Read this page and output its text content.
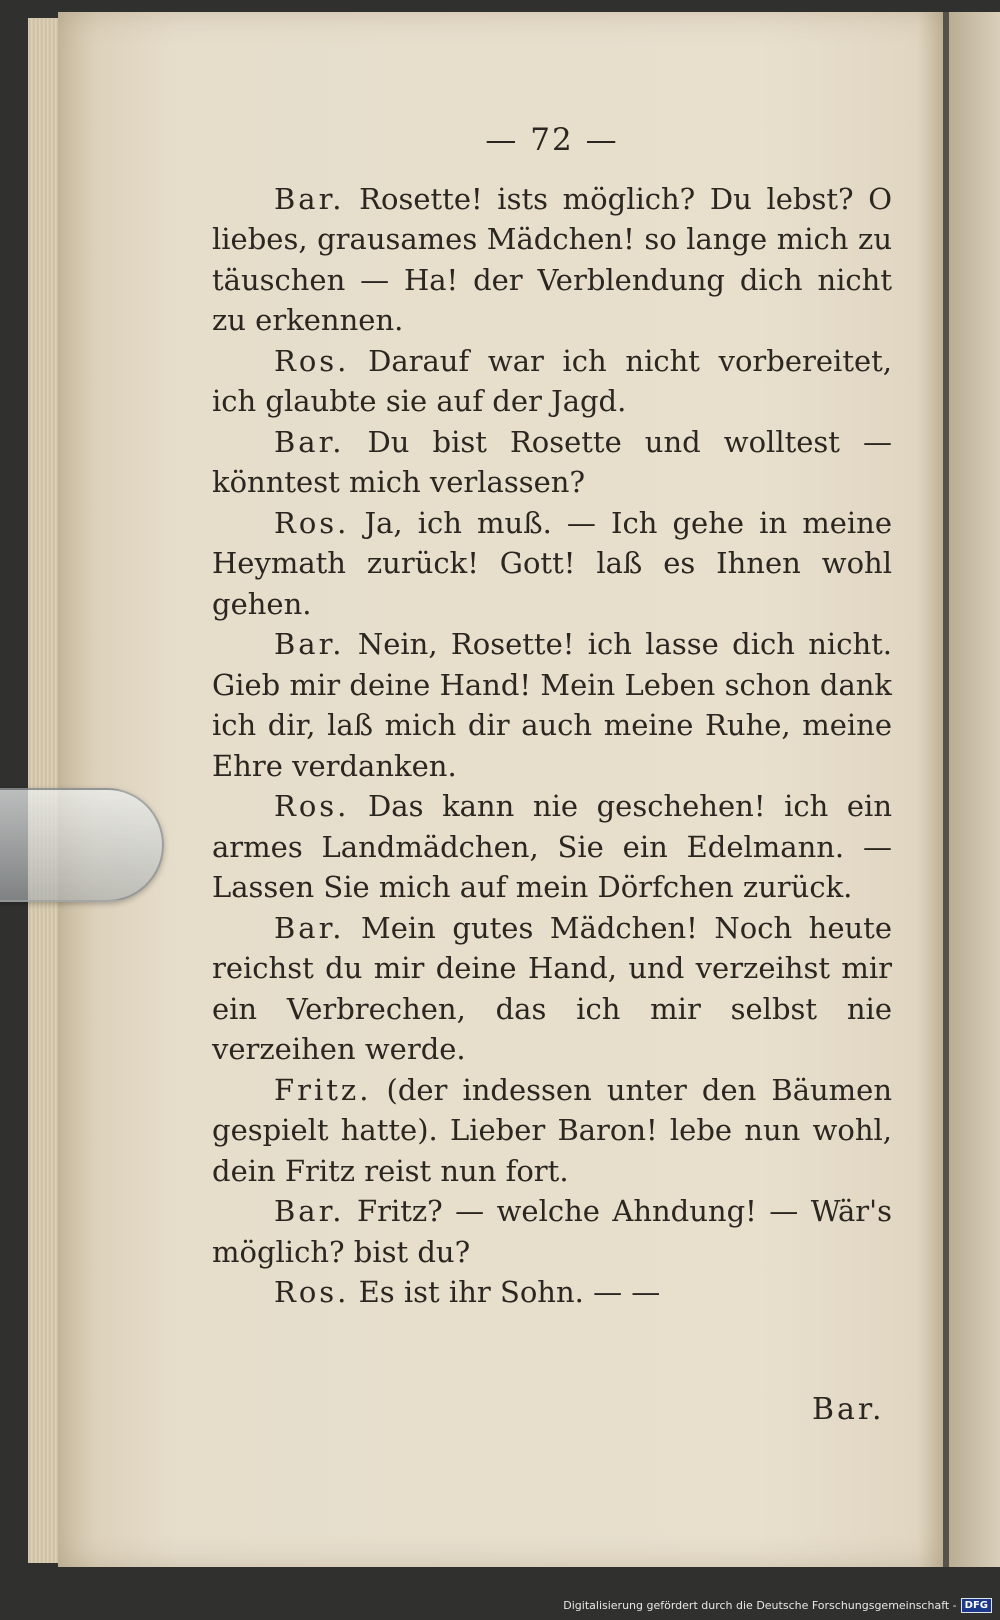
— 72 —

Bar. Rosette! ists möglich? Du lebst? O liebes, grausames Mädchen! so lange mich zu täuschen — Ha! der Verblendung dich nicht zu erkennen.

Ros. Darauf war ich nicht vorbereitet, ich glaubte sie auf der Jagd.

Bar. Du bist Rosette und wolltest — könntest mich verlassen?

Ros. Ja, ich muß. — Ich gehe in meine Heymath zurück! Gott! laß es Ihnen wohl gehen.

Bar. Nein, Rosette! ich lasse dich nicht. Gieb mir deine Hand! Mein Leben schon dank ich dir, laß mich dir auch meine Ruhe, meine Ehre verdanken.

Ros. Das kann nie geschehen! ich ein armes Landmädchen, Sie ein Edelmann. — Lassen Sie mich auf mein Dörfchen zurück.

Bar. Mein gutes Mädchen! Noch heute reichst du mir deine Hand, und verzeihst mir ein Verbrechen, das ich mir selbst nie verzeihen werde.

Fritz. (der indessen unter den Bäumen gespielt hatte). Lieber Baron! lebe nun wohl, dein Fritz reist nun fort.

Bar. Fritz? — welche Ahndung! — Wär's möglich? bist du?

Ros. Es ist ihr Sohn. — —

Bar.
Digitalisierung gefördert durch die Deutsche Forschungsgemeinschaft - DFG
